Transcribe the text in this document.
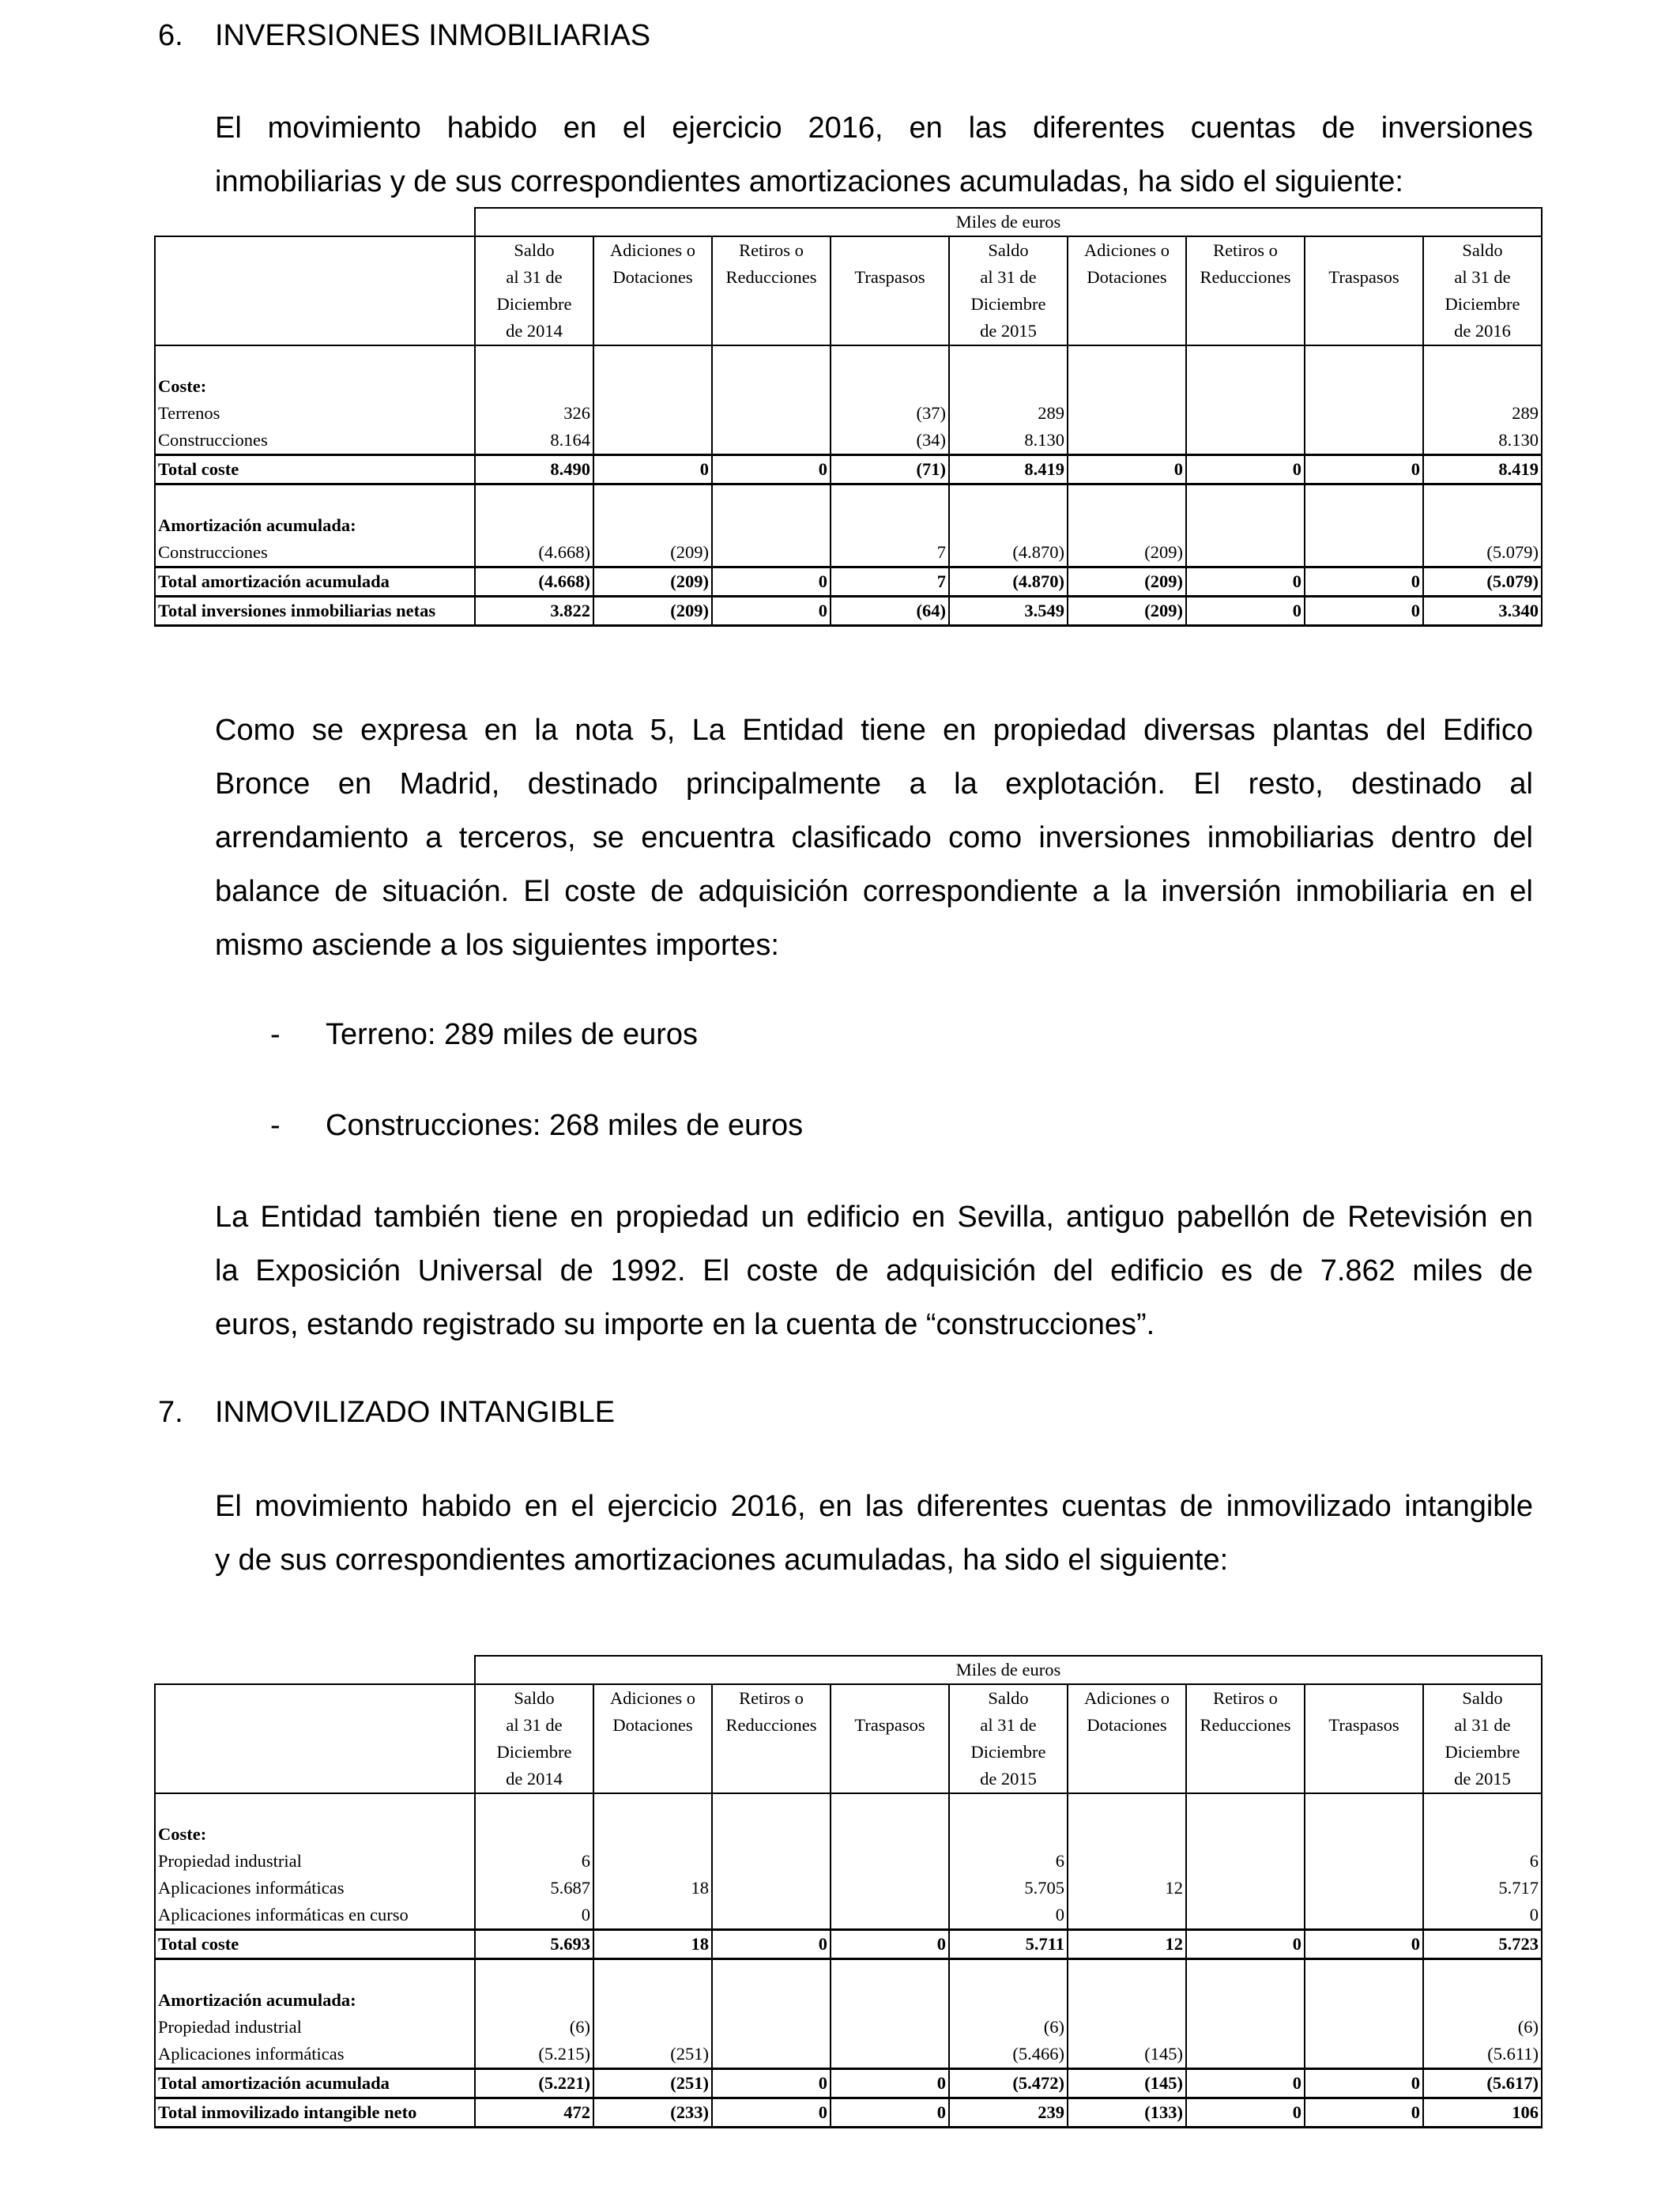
6. INVERSIONES INMOBILIARIAS
El movimiento habido en el ejercicio 2016, en las diferentes cuentas de inversiones
inmobiliarias y de sus correspondientes amortizaciones acumuladas, ha sido el siguiente:
	Miles de euros								
	Saldo	Adiciones o	Retiros o		Saldo	Adiciones o	Retiros o		Saldo
	al 31 de	Dotaciones	Reducciones	Traspasos	al 31 de	Dotaciones	Reducciones	Traspasos	al 31 de
	Diciembre				Diciembre				Diciembre
	de 2014				de 2015				de 2016

Coste:									
Terrenos	326			(37)	289				289
Construcciones	8.164			(34)	8.130				8.130
Total coste	8.490	0	0	(71)	8.419	0	0	0	8.419

Amortización acumulada:									
Construcciones	(4.668)	(209)		7	(4.870)	(209)			(5.079)
Total amortización acumulada	(4.668)	(209)	0	7	(4.870)	(209)	0	0	(5.079)
Total inversiones inmobiliarias netas	3.822	(209)	0	(64)	3.549	(209)	0	0	3.340
Como se expresa en la nota 5, La Entidad tiene en propiedad diversas plantas del Edifico
Bronce en Madrid, destinado principalmente a la explotación. El resto, destinado al
arrendamiento a terceros, se encuentra clasificado como inversiones inmobiliarias dentro del
balance de situación. El coste de adquisición correspondiente a la inversión inmobiliaria en el
mismo asciende a los siguientes importes:
- Terreno: 289 miles de euros
- Construcciones: 268 miles de euros
La Entidad también tiene en propiedad un edificio en Sevilla, antiguo pabellón de Retevisión en
la Exposición Universal de 1992. El coste de adquisición del edificio es de 7.862 miles de
euros, estando registrado su importe en la cuenta de “construcciones”.
7. INMOVILIZADO INTANGIBLE
El movimiento habido en el ejercicio 2016, en las diferentes cuentas de inmovilizado intangible
y de sus correspondientes amortizaciones acumuladas, ha sido el siguiente:
	Miles de euros								
	Saldo	Adiciones o	Retiros o		Saldo	Adiciones o	Retiros o		Saldo
	al 31 de	Dotaciones	Reducciones	Traspasos	al 31 de	Dotaciones	Reducciones	Traspasos	al 31 de
	Diciembre				Diciembre				Diciembre
	de 2014				de 2015				de 2015

Coste:									
Propiedad industrial	6				6				6
Aplicaciones informáticas	5.687	18			5.705	12			5.717
Aplicaciones informáticas en curso	0				0				0
Total coste	5.693	18	0	0	5.711	12	0	0	5.723

Amortización acumulada:									
Propiedad industrial	(6)				(6)				(6)
Aplicaciones informáticas	(5.215)	(251)			(5.466)	(145)			(5.611)
Total amortización acumulada	(5.221)	(251)	0	0	(5.472)	(145)	0	0	(5.617)
Total inmovilizado intangible neto	472	(233)	0	0	239	(133)	0	0	106
